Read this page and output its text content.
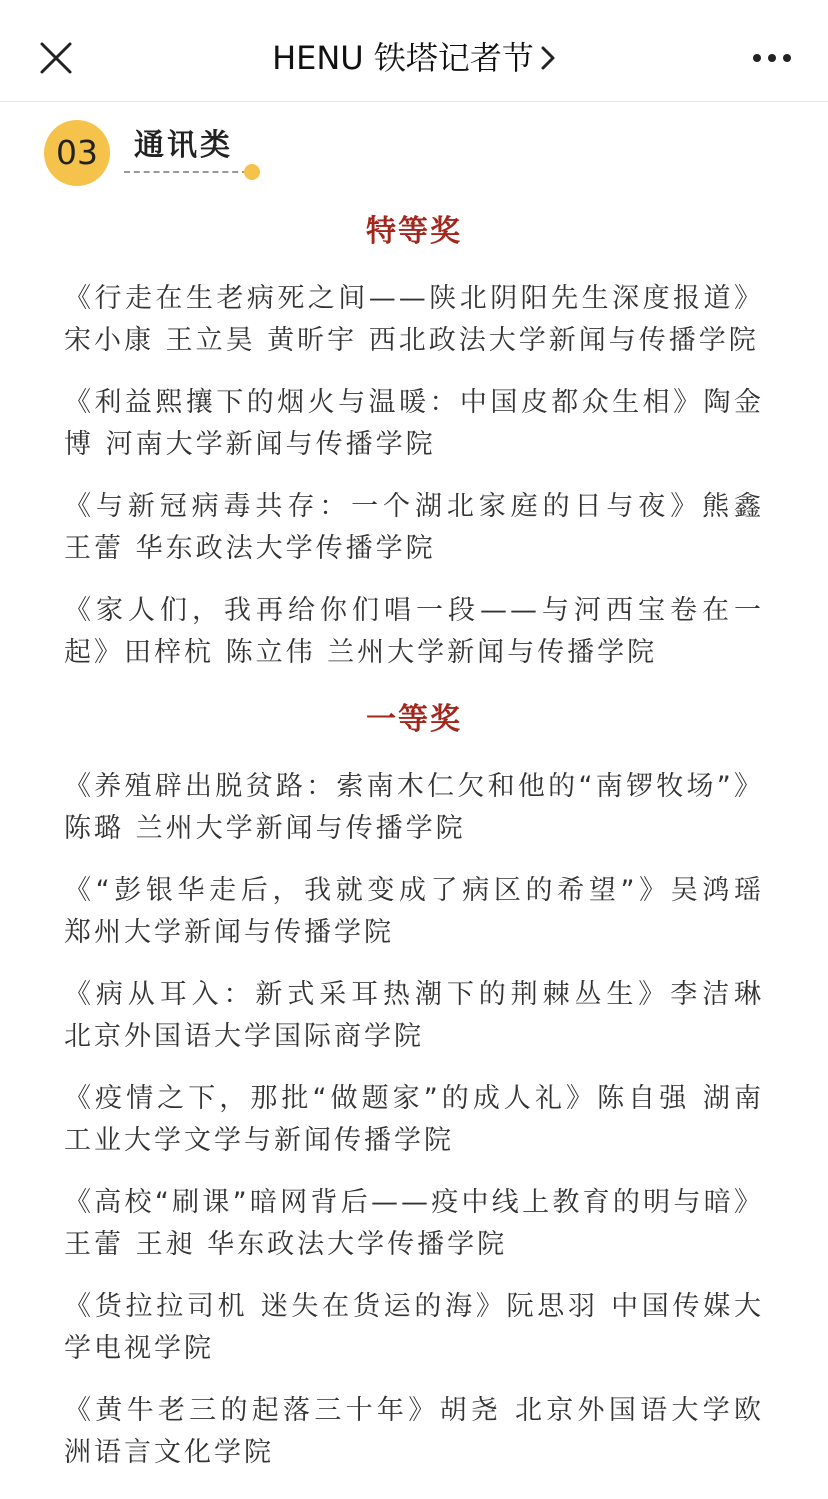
HENU 铁塔记者节
03	通讯类
特等奖

《行走在生老病死之间——陕北阴阳先生深度报道》宋小康 王立昊 黄昕宇 西北政法大学新闻与传播学院

《利益熙攘下的烟火与温暖：中国皮都众生相》陶金博 河南大学新闻与传播学院

《与新冠病毒共存：一个湖北家庭的日与夜》熊鑫 王蕾 华东政法大学传播学院

《家人们，我再给你们唱一段——与河西宝卷在一起》田梓杭 陈立伟 兰州大学新闻与传播学院

一等奖

《养殖辟出脱贫路：索南木仁欠和他的“南锣牧场”》陈璐 兰州大学新闻与传播学院

《“彭银华走后，我就变成了病区的希望”》吴鸿瑶 郑州大学新闻与传播学院

《病从耳入：新式采耳热潮下的荆棘丛生》李洁琳 北京外国语大学国际商学院

《疫情之下，那批“做题家”的成人礼》陈自强 湖南工业大学文学与新闻传播学院

《高校“刷课”暗网背后——疫中线上教育的明与暗》王蕾 王昶 华东政法大学传播学院

《货拉拉司机 迷失在货运的海》阮思羽 中国传媒大学电视学院

《黄牛老三的起落三十年》胡尧 北京外国语大学欧洲语言文化学院
